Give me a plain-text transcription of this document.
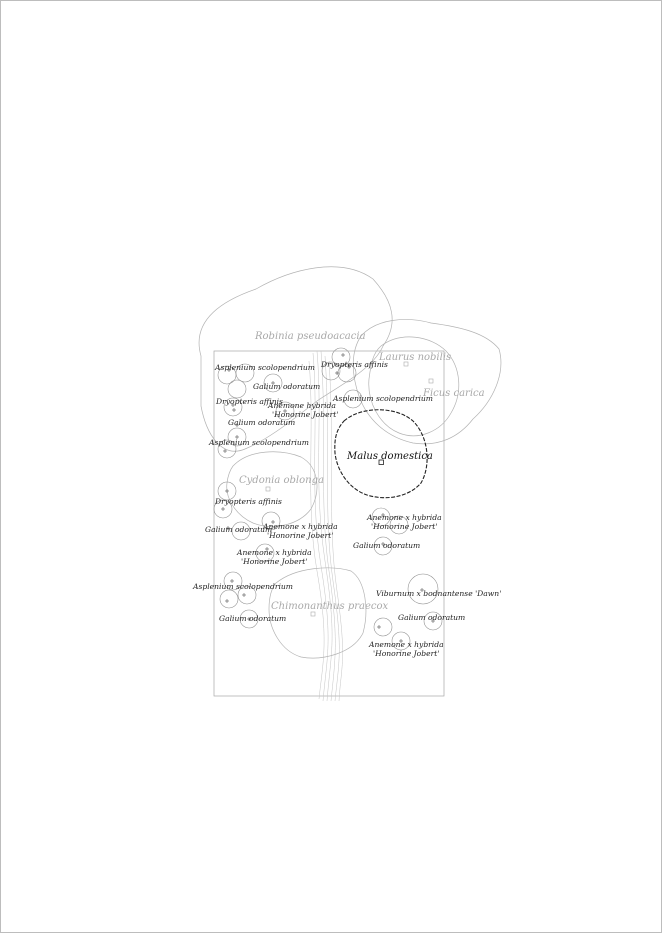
Robinia pseudoacacia
Laurus nobilis
Ficus carica
Malus domestica
Cydonia oblonga
Chimonanthus praecox
Asplenium scolopendrium
Galium odoratum
Dryopteris affinis
Anemone hybrida
'Honorine Jobert'
Galium odoratum
Asplenium scolopendrium
Dryopteris affinis
Asplenium scolopendrium
Dryopteris affinis
Galium odoratum
Anemone x hybrida
'Honorine Jobert'
Anemone x hybrida
'Honorine Jobert'
Asplenium scolopendrium
Galium odoratum
Anemone x hybrida
'Honorine Jobert'
Galium odoratum
Viburnum x bodnantense 'Dawn'
Galium odoratum
Anemone x hybrida
'Honorine Jobert'
